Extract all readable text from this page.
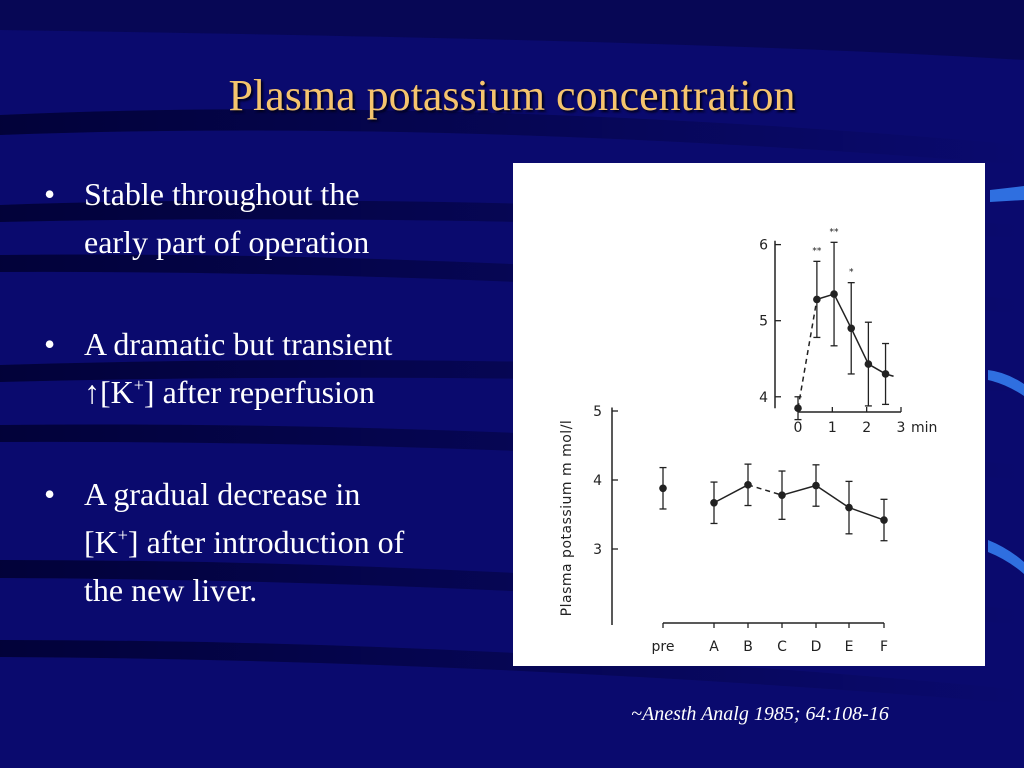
Plasma potassium concentration
• Stable throughout the
early part of operation
• A dramatic but transient
↑[K+] after reperfusion
• A gradual decrease in
[K+] after introduction of
the new liver.
4
5
6
0 1 2 3 min
**
**
*
3
4
5
Plasma potassium m mol/l
pre A B C D E F
~Anesth Analg 1985; 64:108-16
